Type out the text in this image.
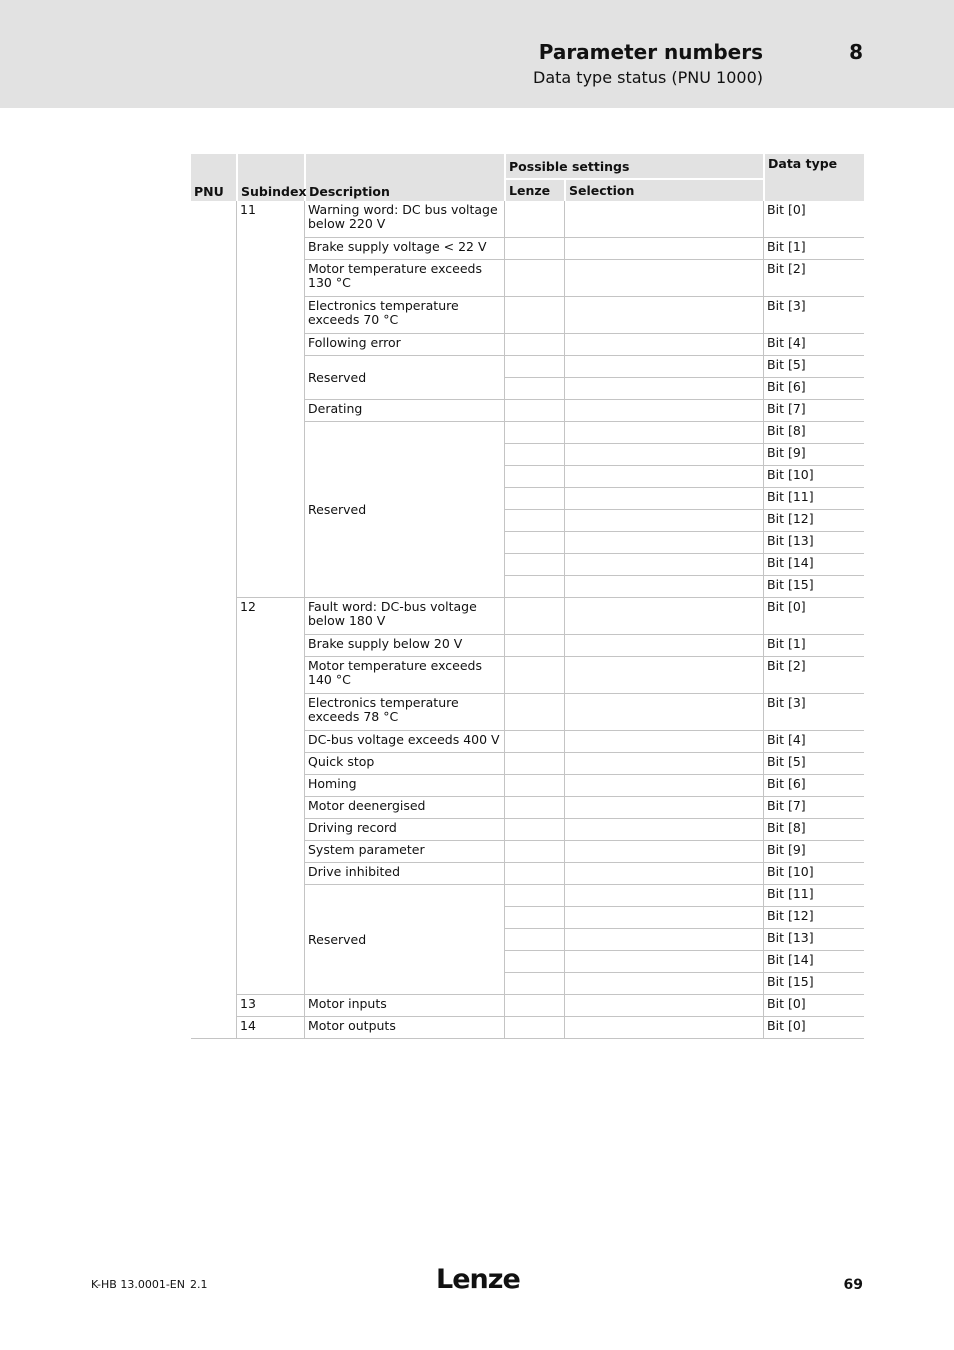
Parameter numbers	8
Data type status (PNU 1000)
PNU	Subindex	Description	Possible settings		Data type
			Lenze	Selection	
	11	Warning word: DC bus voltage below 220 V			Bit [0]
		Brake supply voltage < 22 V			Bit [1]
		Motor temperature exceeds 130 °C			Bit [2]
		Electronics temperature exceeds 70 °C			Bit [3]
		Following error			Bit [4]
		Reserved			Bit [5]
					Bit [6]
		Derating			Bit [7]
		Reserved			Bit [8]
					Bit [9]
					Bit [10]
					Bit [11]
					Bit [12]
					Bit [13]
					Bit [14]
					Bit [15]
	12	Fault word: DC-bus voltage below 180 V			Bit [0]
		Brake supply below 20 V			Bit [1]
		Motor temperature exceeds 140 °C			Bit [2]
		Electronics temperature exceeds 78 °C			Bit [3]
		DC-bus voltage exceeds 400 V			Bit [4]
		Quick stop			Bit [5]
		Homing			Bit [6]
		Motor deenergised			Bit [7]
		Driving record			Bit [8]
		System parameter			Bit [9]
		Drive inhibited			Bit [10]
		Reserved			Bit [11]
					Bit [12]
					Bit [13]
					Bit [14]
					Bit [15]
	13	Motor inputs			Bit [0]
	14	Motor outputs			Bit [0]
K-HB 13.0001-EN 2.1	Lenze	69
